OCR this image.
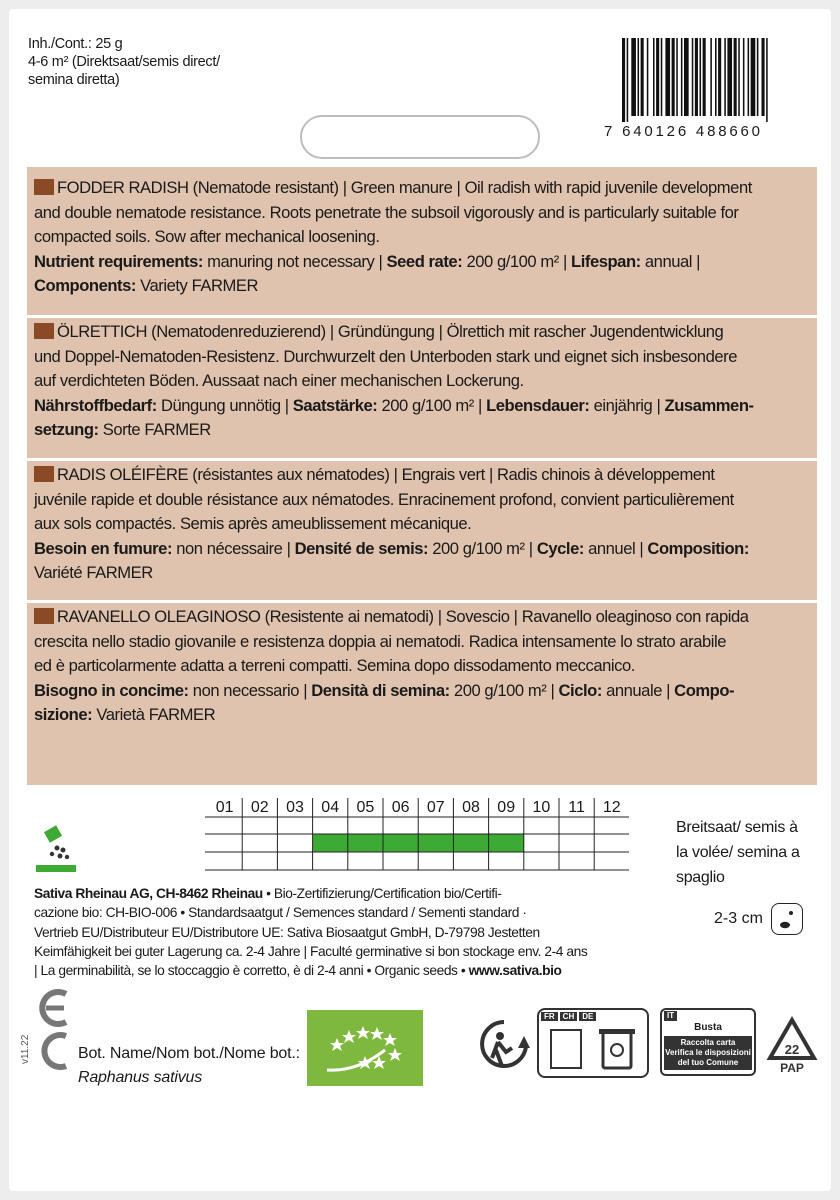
Inh./Cont.: 25 g
4-6 m² (Direktsaat/semis direct/
semina diretta)
7 640126 488660
FODDER RADISH (Nematode resistant) | Green manure | Oil radish with rapid juvenile development
and double nematode resistance. Roots penetrate the subsoil vigorously and is particularly suitable for
compacted soils. Sow after mechanical loosening.
Nutrient requirements: manuring not necessary | Seed rate: 200 g/100 m² | Lifespan: annual |
Components: Variety FARMER
ÖLRETTICH (Nematodenreduzierend) | Gründüngung | Ölrettich mit rascher Jugendentwicklung
und Doppel-Nematoden-Resistenz. Durchwurzelt den Unterboden stark und eignet sich insbesondere
auf verdichteten Böden. Aussaat nach einer mechanischen Lockerung.
Nährstoffbedarf: Düngung unnötig | Saatstärke: 200 g/100 m² | Lebensdauer: einjährig | Zusammen-
setzung: Sorte FARMER
RADIS OLÉIFÈRE (résistantes aux nématodes) | Engrais vert | Radis chinois à développement
juvénile rapide et double résistance aux nématodes. Enracinement profond, convient particulièrement
aux sols compactés. Semis après ameublissement mécanique.
Besoin en fumure: non nécessaire | Densité de semis: 200 g/100 m² | Cycle: annuel | Composition:
Variété FARMER
RAVANELLO OLEAGINOSO (Resistente ai nematodi) | Sovescio | Ravanello oleaginoso con rapida
crescita nello stadio giovanile e resistenza doppia ai nematodi. Radica intensamente lo strato arabile
ed è particolarmente adatta a terreni compatti. Semina dopo dissodamento meccanico.
Bisogno in concime: non necessario | Densità di semina: 200 g/100 m² | Ciclo: annuale | Compo-
sizione: Varietà FARMER
01 02 03 04 05 06 07 08 09 10 11 12
Breitsaat/ semis à
la volée/ semina a
spaglio
2-3 cm
Sativa Rheinau AG, CH-8462 Rheinau • Bio-Zertifizierung/Certification bio/Certifi-
cazione bio: CH-BIO-006 • Standardsaatgut / Semences standard / Sementi standard ·
Vertrieb EU/Distributeur EU/Distributore UE: Sativa Biosaatgut GmbH, D-79798 Jestetten
Keimfähigkeit bei guter Lagerung ca. 2-4 Jahre | Faculté germinative si bon stockage env. 2-4 ans
| La germinabilità, se lo stoccaggio è corretto, è di 2-4 anni • Organic seeds • www.sativa.bio
v11.22	Bot. Name/Nom bot./Nome bot.:
Raphanus sativus
FR	CH	DE	IT
Busta
Raccolta carta
Verifica le disposizioni
del tuo Comune
22
PAP
